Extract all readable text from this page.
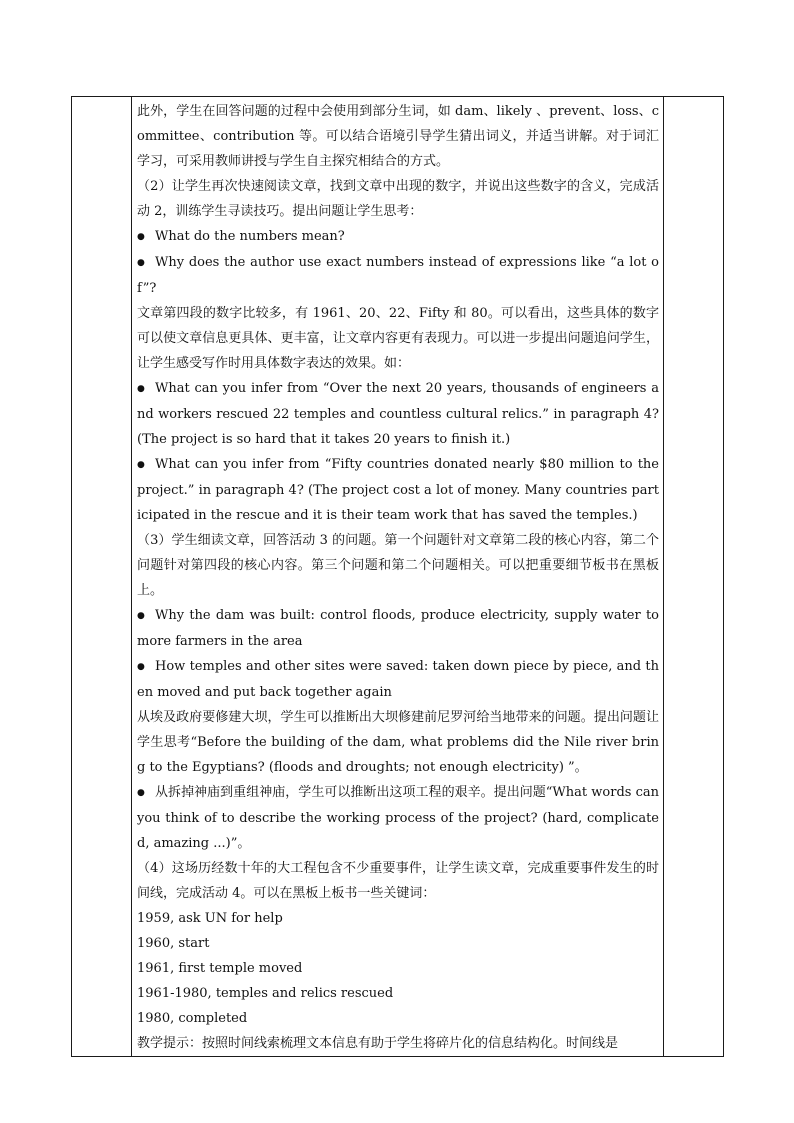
此外，学生在回答问题的过程中会使用到部分生词，如 dam、likely 、prevent、loss、committee、contribution 等。可以结合语境引导学生猜出词义，并适当讲解。对于词汇学习，可采用教师讲授与学生自主探究相结合的方式。
（2）让学生再次快速阅读文章，找到文章中出现的数字，并说出这些数字的含义，完成活动 2，训练学生寻读技巧。提出问题让学生思考：
● What do the numbers mean?
● Why does the author use exact numbers instead of expressions like “a lot of”?
文章第四段的数字比较多，有 1961、20、22、Fifty 和 80。可以看出，这些具体的数字可以使文章信息更具体、更丰富，让文章内容更有表现力。可以进一步提出问题追问学生，让学生感受写作时用具体数字表达的效果。如：
● What can you infer from “Over the next 20 years, thousands of engineers and workers rescued 22 temples and countless cultural relics.” in paragraph 4? (The project is so hard that it takes 20 years to finish it.)
● What can you infer from “Fifty countries donated nearly $80 million to the project.” in paragraph 4? (The project cost a lot of money. Many countries participated in the rescue and it is their team work that has saved the temples.)
（3）学生细读文章，回答活动 3 的问题。第一个问题针对文章第二段的核心内容，第二个问题针对第四段的核心内容。第三个问题和第二个问题相关。可以把重要细节板书在黑板上。
● Why the dam was built: control floods, produce electricity, supply water to more farmers in the area
● How temples and other sites were saved: taken down piece by piece, and then moved and put back together again
从埃及政府要修建大坝，学生可以推断出大坝修建前尼罗河给当地带来的问题。提出问题让学生思考“Before the building of the dam, what problems did the Nile river bring to the Egyptians? (floods and droughts; not enough electricity) ”。
● 从拆掉神庙到重组神庙，学生可以推断出这项工程的艰辛。提出问题“What words can you think of to describe the working process of the project? (hard, complicated, amazing ...)”。
（4）这场历经数十年的大工程包含不少重要事件，让学生读文章，完成重要事件发生的时间线，完成活动 4。可以在黑板上板书一些关键词：
1959, ask UN for help
1960, start
1961, first temple moved
1961-1980, temples and relics rescued
1980, completed
教学提示：按照时间线索梳理文本信息有助于学生将碎片化的信息结构化。时间线是
